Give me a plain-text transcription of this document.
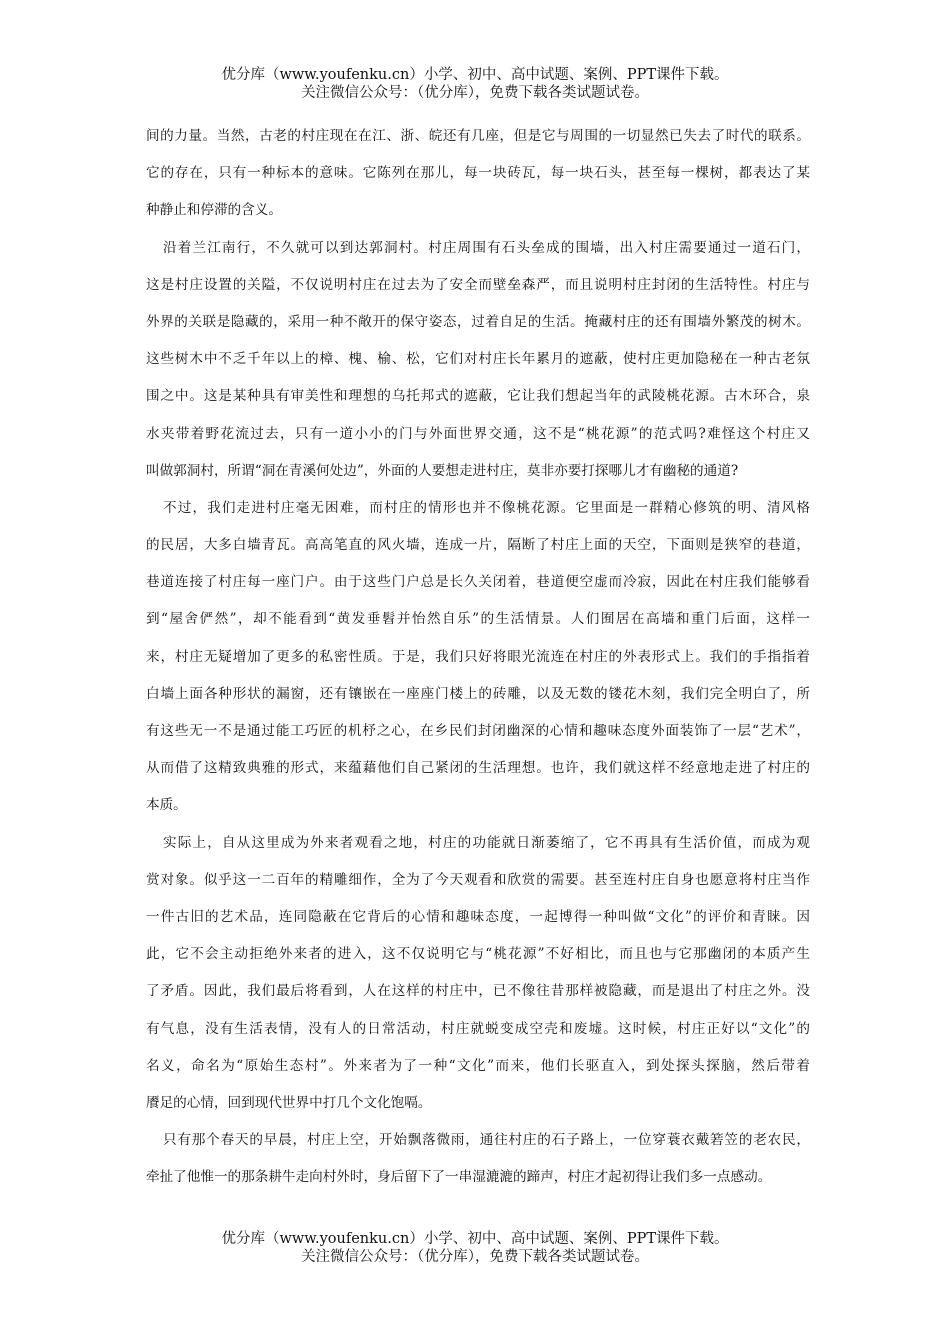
优分库（www.youfenku.cn）小学、初中、高中试题、案例、PPT课件下载。
关注微信公众号：（优分库），免费下载各类试题试卷。
间的力量。当然，古老的村庄现在在江、浙、皖还有几座，但是它与周围的一切显然已失去了时代的联系。
它的存在，只有一种标本的意味。它陈列在那儿，每一块砖瓦，每一块石头，甚至每一棵树，都表达了某
种静止和停滞的含义。
沿着兰江南行，不久就可以到达郭洞村。村庄周围有石头垒成的围墙，出入村庄需要通过一道石门，
这是村庄设置的关隘，不仅说明村庄在过去为了安全而壁垒森严，而且说明村庄封闭的生活特性。村庄与
外界的关联是隐藏的，采用一种不敞开的保守姿态，过着自足的生活。掩藏村庄的还有围墙外繁茂的树木。
这些树木中不乏千年以上的樟、槐、榆、松，它们对村庄长年累月的遮蔽，使村庄更加隐秘在一种古老氛
围之中。这是某种具有审美性和理想的乌托邦式的遮蔽，它让我们想起当年的武陵桃花源。古木环合，泉
水夹带着野花流过去，只有一道小小的门与外面世界交通，这不是“桃花源”的范式吗?难怪这个村庄又
叫做郭洞村，所谓“洞在青溪何处边”，外面的人要想走进村庄，莫非亦要打探哪儿才有幽秘的通道?
不过，我们走进村庄毫无困难，而村庄的情形也并不像桃花源。它里面是一群精心修筑的明、清风格
的民居，大多白墙青瓦。高高笔直的风火墙，连成一片，隔断了村庄上面的天空，下面则是狭窄的巷道，
巷道连接了村庄每一座门户。由于这些门户总是长久关闭着，巷道便空虚而冷寂，因此在村庄我们能够看
到“屋舍俨然”，却不能看到“黄发垂髫并怡然自乐”的生活情景。人们囿居在高墙和重门后面，这样一
来，村庄无疑增加了更多的私密性质。于是，我们只好将眼光流连在村庄的外表形式上。我们的手指指着
白墙上面各种形状的漏窗，还有镶嵌在一座座门楼上的砖雕，以及无数的镂花木刻，我们完全明白了，所
有这些无一不是通过能工巧匠的机杼之心，在乡民们封闭幽深的心情和趣味态度外面装饰了一层“艺术”，
从而借了这精致典雅的形式，来蕴藉他们自己紧闭的生活理想。也许，我们就这样不经意地走进了村庄的
本质。
实际上，自从这里成为外来者观看之地，村庄的功能就日渐萎缩了，它不再具有生活价值，而成为观
赏对象。似乎这一二百年的精雕细作，全为了今天观看和欣赏的需要。甚至连村庄自身也愿意将村庄当作
一件古旧的艺术品，连同隐蔽在它背后的心情和趣味态度，一起博得一种叫做“文化”的评价和青睐。因
此，它不会主动拒绝外来者的进入，这不仅说明它与“桃花源”不好相比，而且也与它那幽闭的本质产生
了矛盾。因此，我们最后将看到，人在这样的村庄中，已不像往昔那样被隐藏，而是退出了村庄之外。没
有气息，没有生活表情，没有人的日常活动，村庄就蜕变成空壳和废墟。这时候，村庄正好以“文化”的
名义，命名为“原始生态村”。外来者为了一种“文化”而来，他们长驱直入，到处探头探脑，然后带着
餍足的心情，回到现代世界中打几个文化饱嗝。
只有那个春天的早晨，村庄上空，开始飘落微雨，通往村庄的石子路上，一位穿蓑衣戴箬笠的老农民，
牵扯了他惟一的那条耕牛走向村外时，身后留下了一串湿漉漉的蹄声，村庄才起初得让我们多一点感动。
优分库（www.youfenku.cn）小学、初中、高中试题、案例、PPT课件下载。
关注微信公众号：（优分库），免费下载各类试题试卷。
